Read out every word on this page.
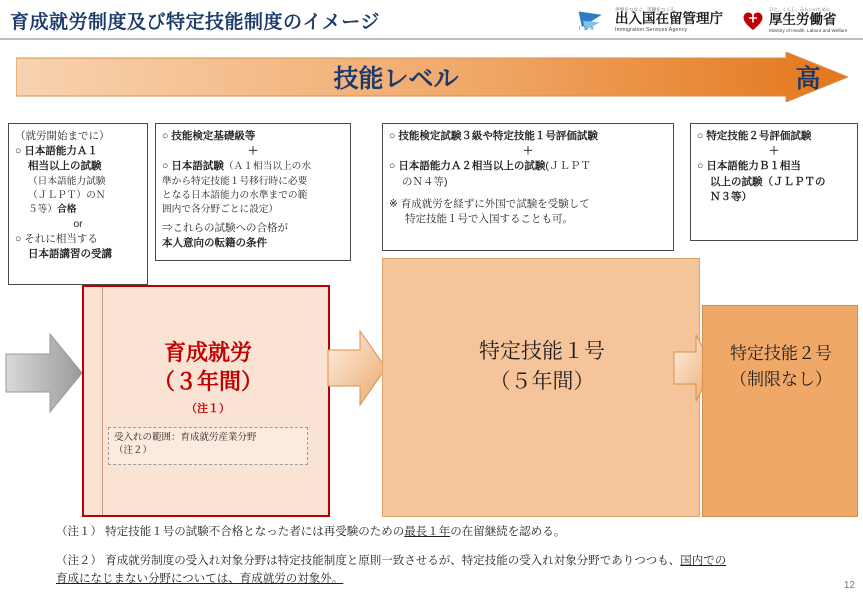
育成就労制度及び特定技能制度のイメージ	I S A
世界をつなぐ、笑顔をつくる。
出入国在留管理庁
Immigration Services Agency
ひと、くらし、みらいのために
厚生労働省
Ministry of Health, Labour and Welfare
技能レベル	高
（就労開始までに）
○ 日本語能力Ａ１
相当以上の試験
（日本語能力試験
（ＪＬＰＴ）のＮ
５等）合格
or
○ それに相当する
日本語講習の受講
○ 技能検定基礎級等
＋
○ 日本語試験（Ａ１相当以上の水
準から特定技能１号移行時に必要
となる日本語能力の水準までの範
囲内で各分野ごとに設定）
⇒これらの試験への合格が
本人意向の転籍の条件
○ 技能検定試験３級や特定技能１号評価試験
＋
○ 日本語能力Ａ２相当以上の試験(ＪＬＰＴ
のＮ４等)
※ 育成就労を経ずに外国で試験を受験して
特定技能１号で入国することも可。
○ 特定技能２号評価試験
＋
○ 日本語能力Ｂ１相当
以上の試験（ＪＬＰＴの
Ｎ３等）
育成就労
（３年間）
（注１）
受入れの範囲：育成就労産業分野
（注２）
特定技能１号
（５年間）
特定技能２号
（制限なし）
（注１） 特定技能１号の試験不合格となった者には再受験のための最長１年の在留継続を認める。
（注２） 育成就労制度の受入れ対象分野は特定技能制度と原則一致させるが、特定技能の受入れ対象分野でありつつも、国内での
育成になじまない分野については、育成就労の対象外。
12
